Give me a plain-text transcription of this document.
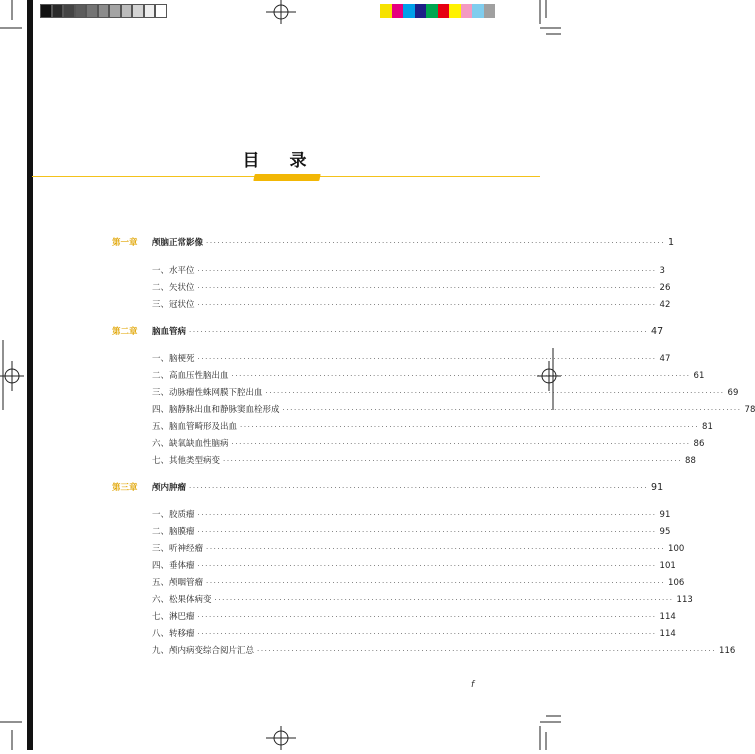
目 录
第一章	颅脑正常影像 ························································································································ 1
一、水平位 ························································································································ 3
二、矢状位 ························································································································ 26
三、冠状位 ························································································································ 42
第二章	脑血管病 ························································································································ 47
一、脑梗死 ························································································································ 47
二、高血压性脑出血 ························································································································ 61
三、动脉瘤性蛛网膜下腔出血 ························································································································ 69
四、脑静脉出血和静脉窦血栓形成 ························································································································ 78
五、脑血管畸形及出血 ························································································································ 81
六、缺氧缺血性脑病 ························································································································ 86
七、其他类型病变 ························································································································ 88
第三章	颅内肿瘤 ························································································································ 91
一、胶质瘤 ························································································································ 91
二、脑膜瘤 ························································································································ 95
三、听神经瘤 ························································································································ 100
四、垂体瘤 ························································································································ 101
五、颅咽管瘤 ························································································································ 106
六、松果体病变 ························································································································ 113
七、淋巴瘤 ························································································································ 114
八、转移瘤 ························································································································ 114
九、颅内病变综合阅片汇总 ························································································································ 116
f
